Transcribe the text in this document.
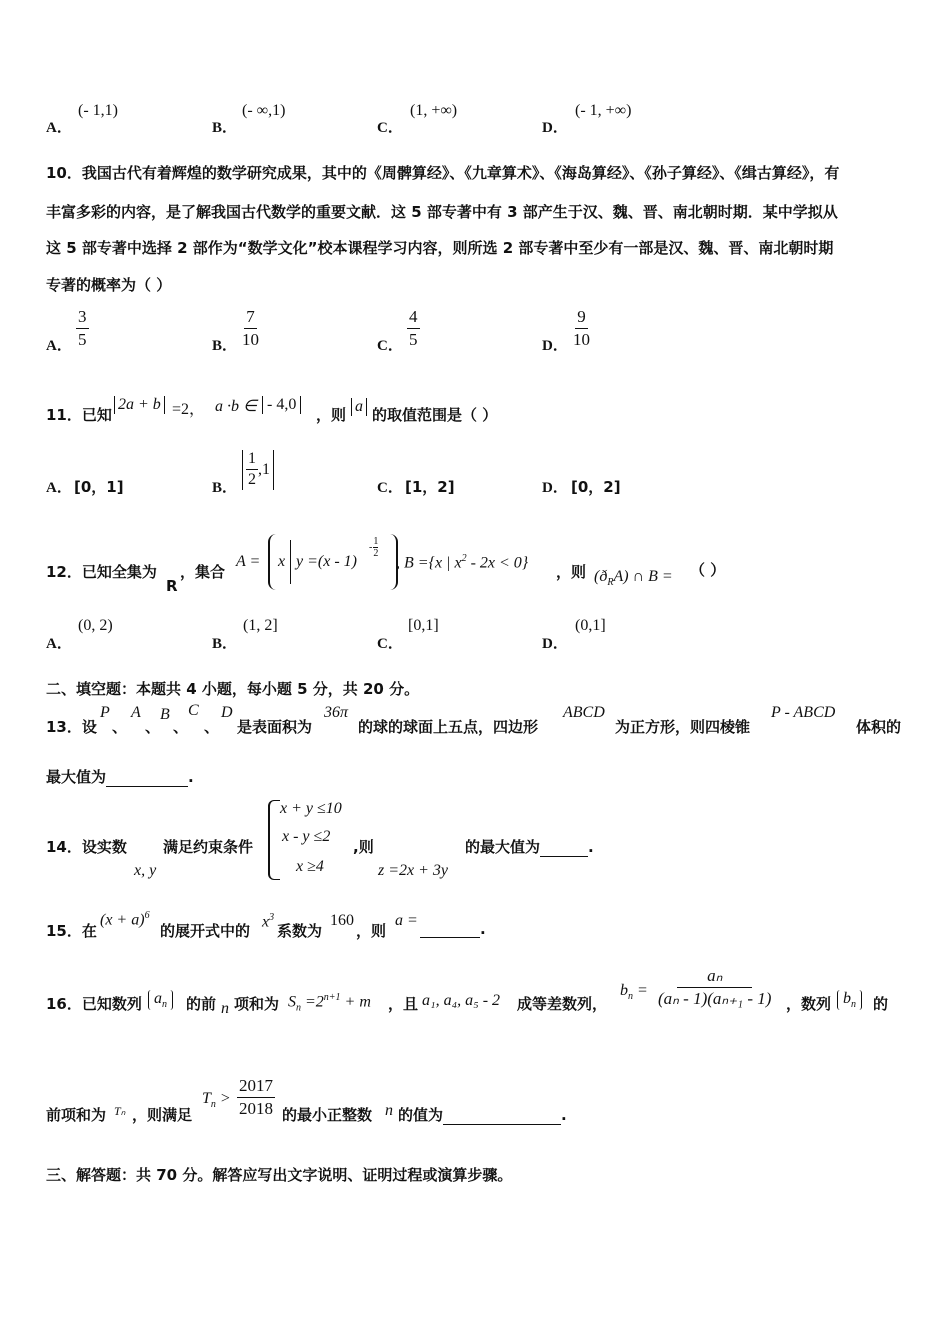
A．
(- 1,1)
B．
(- ∞,1)
C．
(1, +∞)
D．
(- 1, +∞)
10．我国古代有着辉煌的数学研究成果，其中的《周髀算经》、《九章算术》、《海岛算经》、《孙子算经》、《缉古算经》，有
丰富多彩的内容，是了解我国古代数学的重要文献．这 5 部专著中有 3 部产生于汉、魏、晋、南北朝时期．某中学拟从
这 5 部专著中选择 2 部作为“数学文化”校本课程学习内容，则所选 2 部专著中至少有一部是汉、魏、晋、南北朝时期
专著的概率为（ ）
A． $\frac{3}{5}$	B． $\frac{7}{10}$	C． $\frac{4}{5}$	D． $\frac{9}{10}$
11．已知
2a + b =2， a ·b ∈ - 4,0
，则 a 的取值范围是（ ）
A． [0，1]	B． $\frac{1}{2} ,1$
C． [1，2]	D． [0，2]
12．已知全集为
R
，集合
A = x y =(x - 1)
-
1
2
, B ={x | $x^2 - 2x < 0$}
，则 $(ð_RA)$ ∩ B = （ ）
A．
(0, 2)
B．
(1, 2]
C．
[0,1]
D．
(0,1]
二、填空题：本题共 4 小题，每小题 5 分，共 20 分。
13．设
P
、
A
、
B
、
C
、
D
是表面积为
36π
的球的球面上五点，四边形
ABCD
为正方形，则四棱锥
P - ABCD
体积的
最大值为	.
14．设实数
x, y
满足约束条件
x + y ≤10
x - y ≤2
x ≥4
,则
z =2x + 3y
的最大值为	.
15．在
$(x + a)^6$
的展开式中的
$x^3$
系数为
160
，则
a =	.
16．已知数列 $a_n$	的前 n 项和为 $S_n =2^{n+1} + m$ ，且 a₁, a₄, a₅ - 2 成等差数列，
$b_n = \frac{\text{aₙ}}{\text{(aₙ - 1)(aₙ₊₁ - 1)}}$ ，数列 $b_n$	的
前项和为 Tₙ ，则满足
$T_n > \frac{2017}{2018}$ 的最小正整数 n 的值为	.
三、解答题：共 70 分。解答应写出文字说明、证明过程或演算步骤。
